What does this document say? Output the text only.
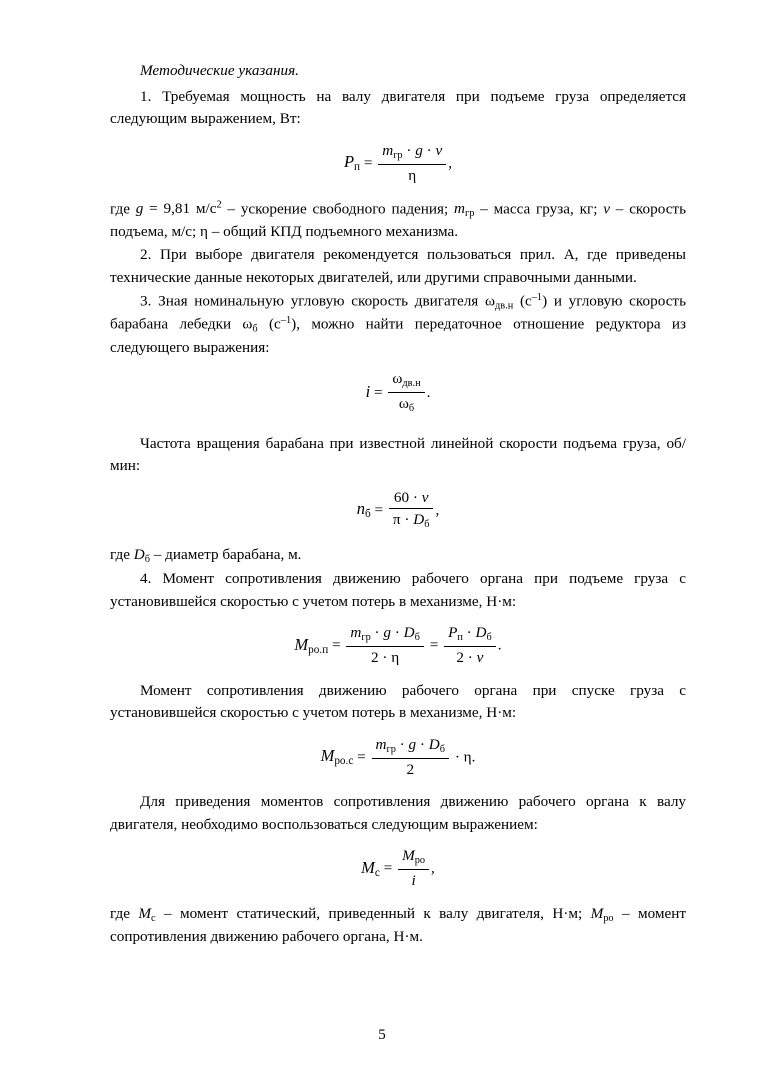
Методические указания.

1. Требуемая мощность на валу двигателя при подъеме груза определяется следующим выражением, Вт:

$P_п = \frac{m_{гр} \cdot g \cdot v}{\eta}$ ,

где g = 9,81 $м/с^2$ – ускорение свободного падения; $m_{гр}$ – масса груза, кг; v – скорость подъема, м/с; η – общий КПД подъемного механизма.

2. При выборе двигателя рекомендуется пользоваться прил. А, где приведены технические данные некоторых двигателей, или другими справочными данными.

3. Зная номинальную угловую скорость двигателя $\omega_{дв.н}$ $(с^{-1})$ и угловую скорость барабана лебедки $\omega_б$ $(с^{-1})$, можно найти передаточное отношение редуктора из следующего выражения:

$i = \frac{\omega_{дв.н}}{\omega_б}$ .

Частота вращения барабана при известной линейной скорости подъема груза, об/мин:

$n_б = \frac{60 \cdot v}{\pi \cdot D_б}$ ,

где $D_б$ – диаметр барабана, м.

4. Момент сопротивления движению рабочего органа при подъеме груза с установившейся скоростью с учетом потерь в механизме, Н·м:

$M_{ро.п} = \frac{m_{гр} \cdot g \cdot D_б}{2 \cdot \eta} = \frac{P_п \cdot D_б}{2 \cdot v}$ .

Момент сопротивления движению рабочего органа при спуске груза с установившейся скоростью с учетом потерь в механизме, Н·м:

$M_{ро.с} = \frac{m_{гр} \cdot g \cdot D_б}{2} \cdot \eta$.

Для приведения моментов сопротивления движению рабочего органа к валу двигателя, необходимо воспользоваться следующим выражением:

$M_с = \frac{M_{ро}}{i}$ ,

где $M_с$ – момент статический, приведенный к валу двигателя, Н·м; $M_{ро}$ – момент сопротивления движению рабочего органа, Н·м.

5
